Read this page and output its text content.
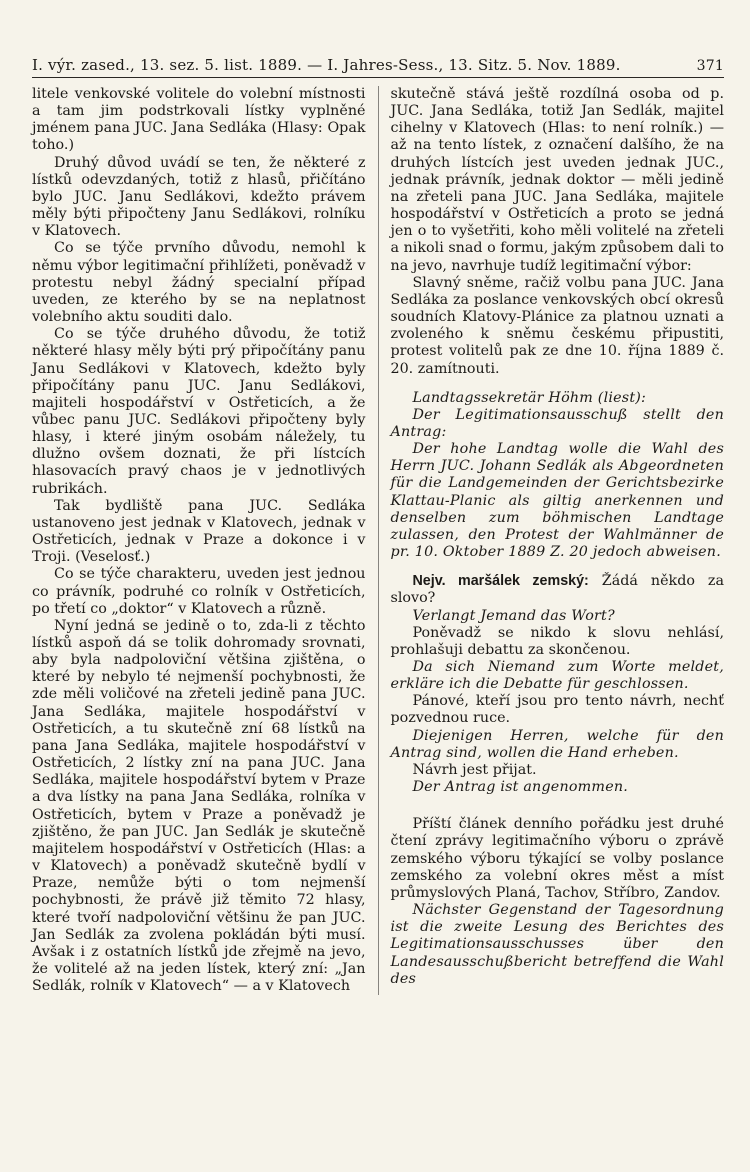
I. výr. zased., 13. sez. 5. list. 1889. — I. Jahres-Sess., 13. Sitz. 5. Nov. 1889.	371

litele venkovské volitele do volební místnosti a tam jim podstrkovali lístky vyplněné jménem pana JUC. Jana Sedláka (Hlasy: Opak toho.)

Druhý důvod uvádí se ten, že některé z lístků odevzdaných, totiž z hlasů, přičítáno bylo JUC. Janu Sedlákovi, kdežto právem měly býti připočteny Janu Sedlákovi, rolníku v Klatovech.

Co se týče prvního důvodu, nemohl k němu výbor legitimační přihlížeti, poněvadž v protestu nebyl žádný specialní případ uveden, ze kterého by se na neplatnost volebního aktu souditi dalo.

Co se týče druhého důvodu, že totiž některé hlasy měly býti prý připočítány panu Janu Sedlákovi v Klatovech, kdežto byly připočítány panu JUC. Janu Sedlákovi, majiteli hospodářství v Ostřeticích, a že vůbec panu JUC. Sedlákovi připočteny byly hlasy, i které jiným osobám náležely, tu dlužno ovšem doznati, že při lístcích hlasovacích pravý chaos je v jednotlivých rubrikách.

Tak bydliště pana JUC. Sedláka ustanoveno jest jednak v Klatovech, jednak v Ostřeticích, jednak v Praze a dokonce i v Troji. (Veselosť.)

Co se týče charakteru, uveden jest jednou co právník, podruhé co rolník v Ostřeticích, po třetí co „doktor“ v Klatovech a různě.

Nyní jedná se jedině o to, zda-li z těchto lístků aspoň dá se tolik dohromady srovnati, aby byla nadpoloviční většina zjištěna, o které by nebylo té nejmenší pochybnosti, že zde měli voličové na zřeteli jedině pana JUC. Jana Sedláka, majitele hospodářství v Ostřeticích, a tu skutečně zní 68 lístků na pana Jana Sedláka, majitele hospodářství v Ostřeticích, 2 lístky zní na pana JUC. Jana Sedláka, majitele hospodářství bytem v Praze a dva lístky na pana Jana Sedláka, rolníka v Ostřeticích, bytem v Praze a poněvadž je zjištěno, že pan JUC. Jan Sedlák je skutečně majitelem hospodářství v Ostřeticích (Hlas: a v Klatovech) a poněvadž skutečně bydlí v Praze, nemůže býti o tom nejmenší pochybnosti, že právě již těmito 72 hlasy, které tvoří nadpoloviční většinu že pan JUC. Jan Sedlák za zvolena pokládán býti musí. Avšak i z ostatních lístků jde zřejmě na jevo, že volitelé až na jeden lístek, který zní: „Jan Sedlák, rolník v Klatovech“ — a v Klatovech

skutečně stává ještě rozdílná osoba od p. JUC. Jana Sedláka, totiž Jan Sedlák, majitel cihelny v Klatovech (Hlas: to není rolník.) — až na tento lístek, z označení dalšího, že na druhých lístcích jest uveden jednak JUC., jednak právník, jednak doktor — měli jedině na zřeteli pana JUC. Jana Sedláka, majitele hospodářství v Ostřeticích a proto se jedná jen o to vyšetřiti, koho měli volitelé na zřeteli a nikoli snad o formu, jakým způsobem dali to na jevo, navrhuje tudíž legitimační výbor:

Slavný sněme, račiž volbu pana JUC. Jana Sedláka za poslance venkovských obcí okresů soudních Klatovy-Plánice za platnou uznati a zvoleného k sněmu českému připustiti, protest volitelů pak ze dne 10. října 1889 č. 20. zamítnouti.

Landtagssekretär Höhm (liest):

Der Legitimationsausschuß stellt den Antrag:

Der hohe Landtag wolle die Wahl des Herrn JUC. Johann Sedlák als Abgeordneten für die Landgemeinden der Gerichtsbezirke Klattau-Planic als giltig anerkennen und denselben zum böhmischen Landtage zulassen, den Protest der Wahlmänner de pr. 10. Oktober 1889 Z. 20 jedoch abweisen.

Nejv. maršálek zemský: Žádá někdo za slovo?

Verlangt Jemand das Wort?

Poněvadž se nikdo k slovu nehlásí, prohlašuji debattu za skončenou.

Da sich Niemand zum Worte meldet, erkläre ich die Debatte für geschlossen.

Pánové, kteří jsou pro tento návrh, nechť pozvednou ruce.

Diejenigen Herren, welche für den Antrag sind, wollen die Hand erheben.

Návrh jest přijat.

Der Antrag ist angenommen.

Příští článek denního pořádku jest druhé čtení zprávy legitimačního výboru o zprávě zemského výboru týkající se volby poslance zemského za volební okres měst a míst průmyslových Planá, Tachov, Stříbro, Zandov.

Nächster Gegenstand der Tagesordnung ist die zweite Lesung des Berichtes des Legitimationsausschusses über den Landesausschußbericht betreffend die Wahl des
